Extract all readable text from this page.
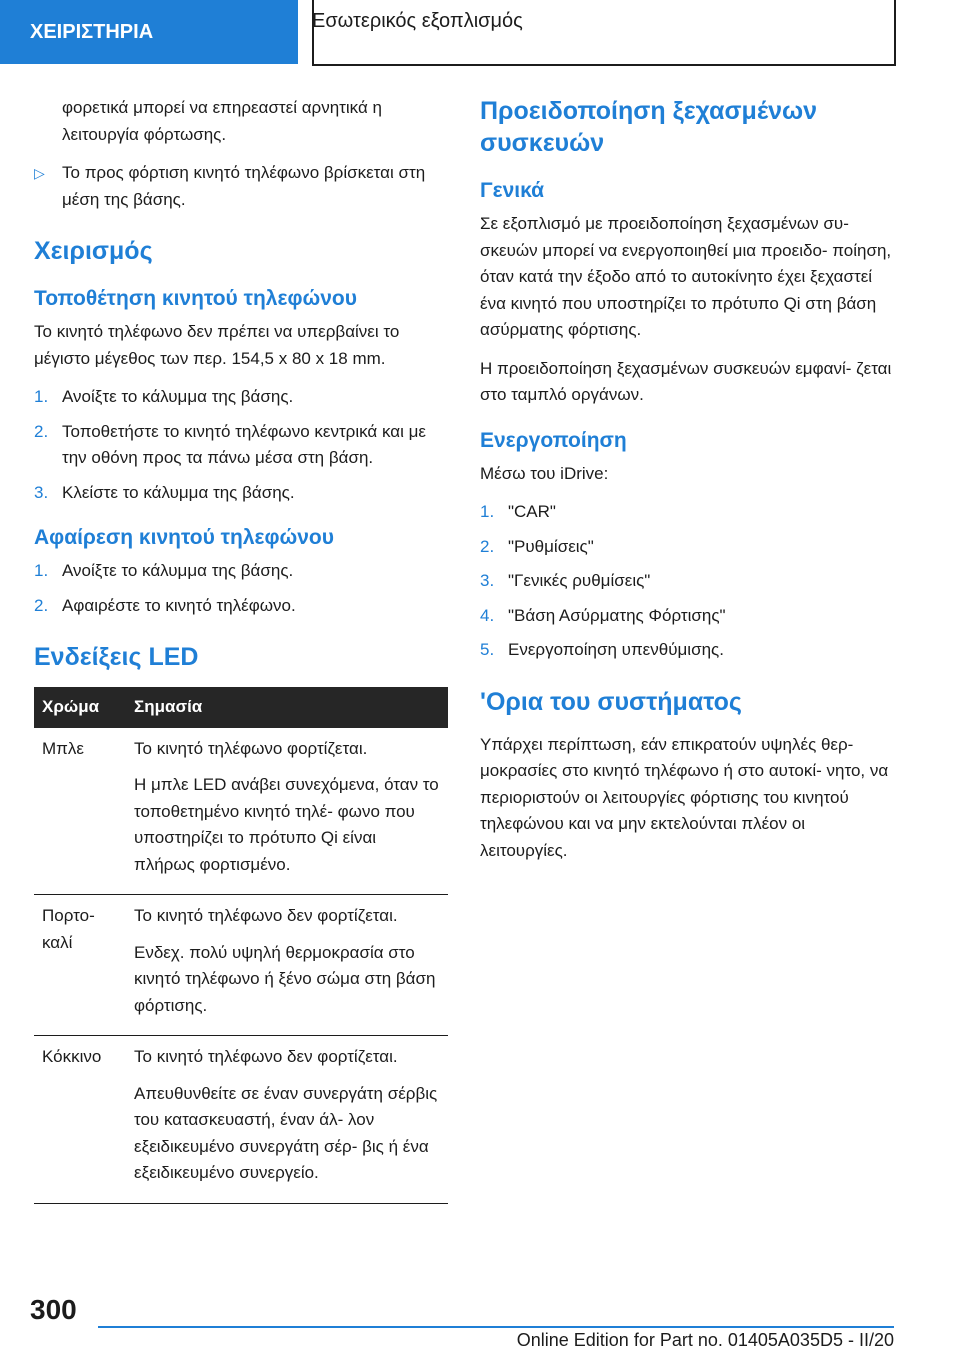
ΧΕΙΡΙΣΤΗΡΙΑ	Εσωτερικός εξοπλισμός

φορετικά μπορεί να επηρεαστεί αρνητικά η λειτουργία φόρτωσης.

▷	Το προς φόρτιση κινητό τηλέφωνο βρίσκεται στη μέση της βάσης.
Χειρισμός
Τοποθέτηση κινητού τηλεφώνου

Το κινητό τηλέφωνο δεν πρέπει να υπερβαίνει το μέγιστο μέγεθος των περ. 154,5 x 80 x 18 mm.

1. Ανοίξτε το κάλυμμα της βάσης.
2. Τοποθετήστε το κινητό τηλέφωνο κεντρικά και με την οθόνη προς τα πάνω μέσα στη βάση.
3. Κλείστε το κάλυμμα της βάσης.
Αφαίρεση κινητού τηλεφώνου
1. Ανοίξτε το κάλυμμα της βάσης.
2. Αφαιρέστε το κινητό τηλέφωνο.
Ενδείξεις LED
Χρώμα	Σημασία
Μπλε	Το κινητό τηλέφωνο φορτίζεται.

Η μπλε LED ανάβει συνεχόμενα, όταν το τοποθετημένο κινητό τηλέ- φωνο που υποστηρίζει το πρότυπο Qi είναι πλήρως φορτισμένο.

Πορτο- καλί	Το κινητό τηλέφωνο δεν φορτίζεται.

Ενδεχ. πολύ υψηλή θερμοκρασία στο κινητό τηλέφωνο ή ξένο σώμα στη βάση φόρτισης.

Κόκκινο	Το κινητό τηλέφωνο δεν φορτίζεται.

Απευθυνθείτε σε έναν συνεργάτη σέρβις του κατασκευαστή, έναν άλ- λον εξειδικευμένο συνεργάτη σέρ- βις ή ένα εξειδικευμένο συνεργείο.

Προειδοποίηση ξεχασμένων συσκευών
Γενικά

Σε εξοπλισμό με προειδοποίηση ξεχασμένων συ- σκευών μπορεί να ενεργοποιηθεί μια προειδο- ποίηση, όταν κατά την έξοδο από το αυτοκίνητο έχει ξεχαστεί ένα κινητό που υποστηρίζει το πρότυπο Qi στη βάση ασύρματης φόρτισης.

Η προειδοποίηση ξεχασμένων συσκευών εμφανί- ζεται στο ταμπλό οργάνων.

Ενεργοποίηση

Μέσω του iDrive:

1. "CAR"
2. "Ρυθμίσεις"
3. "Γενικές ρυθμίσεις"
4. "Βάση Ασύρματης Φόρτισης"
5. Ενεργοποίηση υπενθύμισης.
'Ορια του συστήματος

Υπάρχει περίπτωση, εάν επικρατούν υψηλές θερ- μοκρασίες στο κινητό τηλέφωνο ή στο αυτοκί- νητο, να περιοριστούν οι λειτουργίες φόρτισης του κινητού τηλεφώνου και να μην εκτελούνται πλέον οι λειτουργίες.

300
Online Edition for Part no. 01405A035D5 - II/20
